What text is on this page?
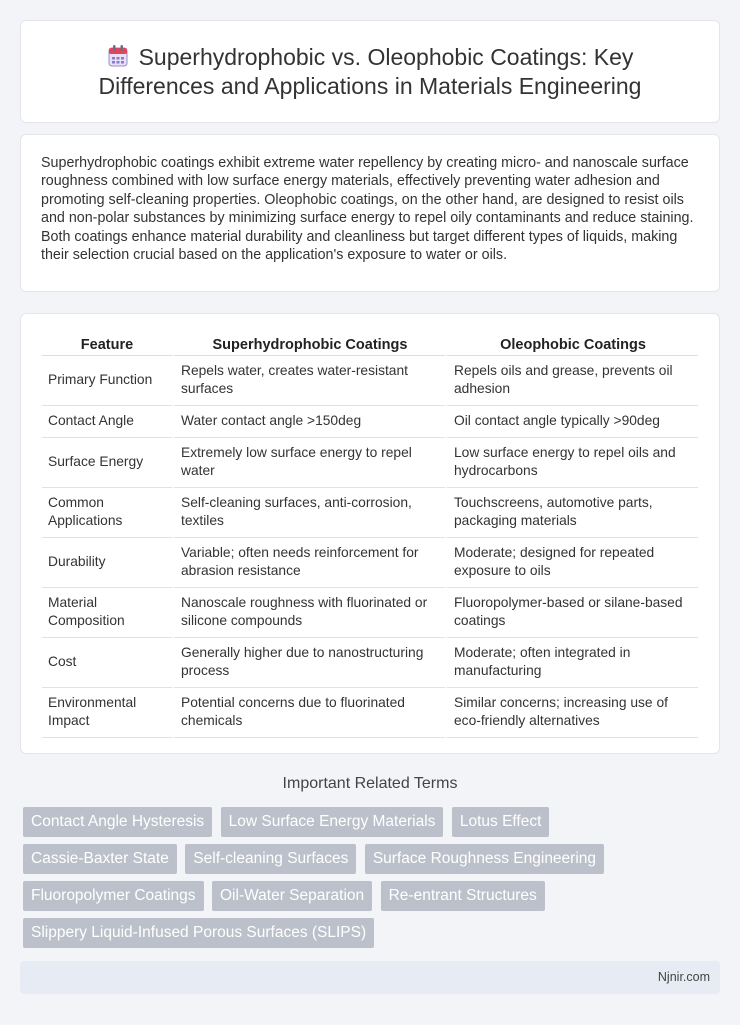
Superhydrophobic vs. Oleophobic Coatings: Key Differences and Applications in Materials Engineering

Superhydrophobic coatings exhibit extreme water repellency by creating micro- and nanoscale surface roughness combined with low surface energy materials, effectively preventing water adhesion and promoting self-cleaning properties. Oleophobic coatings, on the other hand, are designed to resist oils and non-polar substances by minimizing surface energy to repel oily contaminants and reduce staining. Both coatings enhance material durability and cleanliness but target different types of liquids, making their selection crucial based on the application's exposure to water or oils.

Feature	Superhydrophobic Coatings	Oleophobic Coatings
Primary Function	Repels water, creates water-resistant surfaces	Repels oils and grease, prevents oil adhesion
Contact Angle	Water contact angle >150deg	Oil contact angle typically >90deg
Surface Energy	Extremely low surface energy to repel water	Low surface energy to repel oils and hydrocarbons
Common Applications	Self-cleaning surfaces, anti-corrosion, textiles	Touchscreens, automotive parts, packaging materials
Durability	Variable; often needs reinforcement for abrasion resistance	Moderate; designed for repeated exposure to oils
Material Composition	Nanoscale roughness with fluorinated or silicone compounds	Fluoropolymer-based or silane-based coatings
Cost	Generally higher due to nanostructuring process	Moderate; often integrated in manufacturing
Environmental Impact	Potential concerns due to fluorinated chemicals	Similar concerns; increasing use of eco-friendly alternatives
Important Related Terms
Contact Angle Hysteresis Low Surface Energy Materials Lotus Effect
Cassie-Baxter State Self-cleaning Surfaces Surface Roughness Engineering
Fluoropolymer Coatings Oil-Water Separation Re-entrant Structures
Slippery Liquid-Infused Porous Surfaces (SLIPS)
Njnir.com
